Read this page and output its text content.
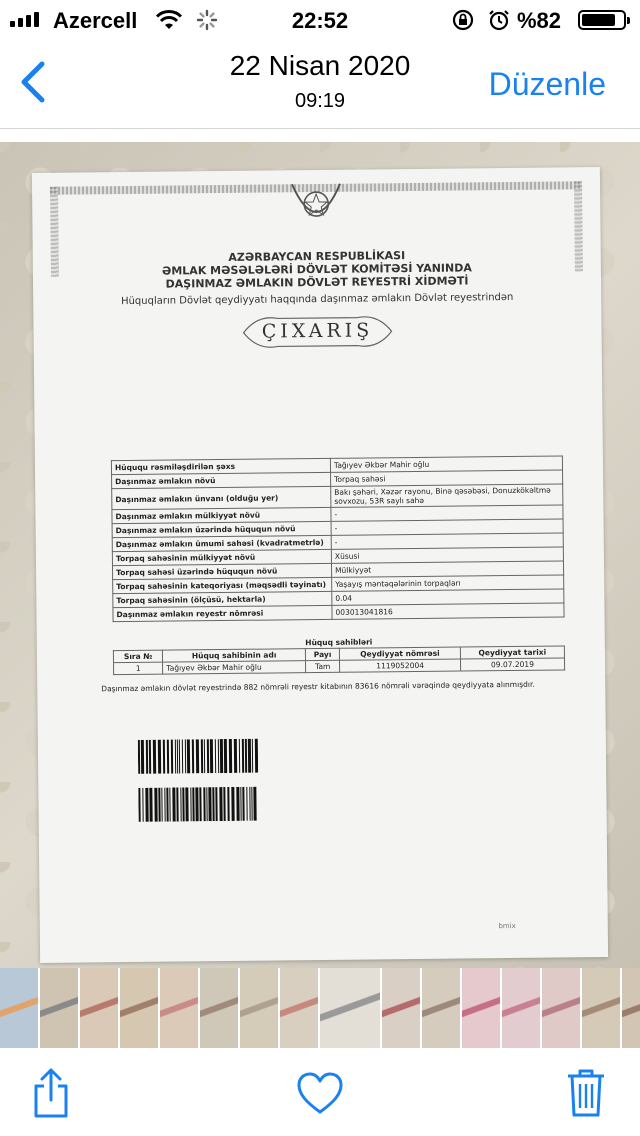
Azercell	22:52	%82
22 Nisan 2020
09:19	Düzenle
AZƏRBAYCAN RESPUBLİKASI
ƏMLAK MƏSƏLƏLƏRİ DÖVLƏT KOMİTƏSİ YANINDA
DAŞINMAZ ƏMLAKIN DÖVLƏT REYESTRİ XİDMƏTİ
Hüquqların Dövlət qeydiyyatı haqqında daşınmaz əmlakın Dövlət reyestrindən
ÇIXARIŞ
Hüququ rəsmiləşdirilən şəxs	Tağıyev Əkbər Mahir oğlu
Daşınmaz əmlakın növü	Torpaq sahəsi
Daşınmaz əmlakın ünvanı (olduğu yer)	Bakı şəhəri, Xəzər rayonu, Binə qəsəbəsi, Donuzkökəltmə sovxozu, 53R saylı sahə
Daşınmaz əmlakın mülkiyyət növü	-
Daşınmaz əmlakın üzərində hüququn növü	-
Daşınmaz əmlakın ümumi sahəsi (kvadratmetrlə)	-
Torpaq sahəsinin mülkiyyət növü	Xüsusi
Torpaq sahəsi üzərində hüququn növü	Mülkiyyət
Torpaq sahəsinin kateqoriyası (məqsədli təyinatı)	Yaşayış məntəqələrinin torpaqları
Torpaq sahəsinin (ölçüsü, hektarla)	0.04
Daşınmaz əmlakın reyestr nömrəsi	003013041816
Hüquq sahibləri
Sıra №	Hüquq sahibinin adı	Payı	Qeydiyyat nömrəsi	Qeydiyyat tarixi
1	Tağıyev Əkbər Mahir oğlu	Tam	1119052004	09.07.2019
Daşınmaz əmlakın dövlət reyestrində 882 nömrəli reyestr kitabının 83616 nömrəli vərəqində qeydiyyata alınmışdır.
bmix
